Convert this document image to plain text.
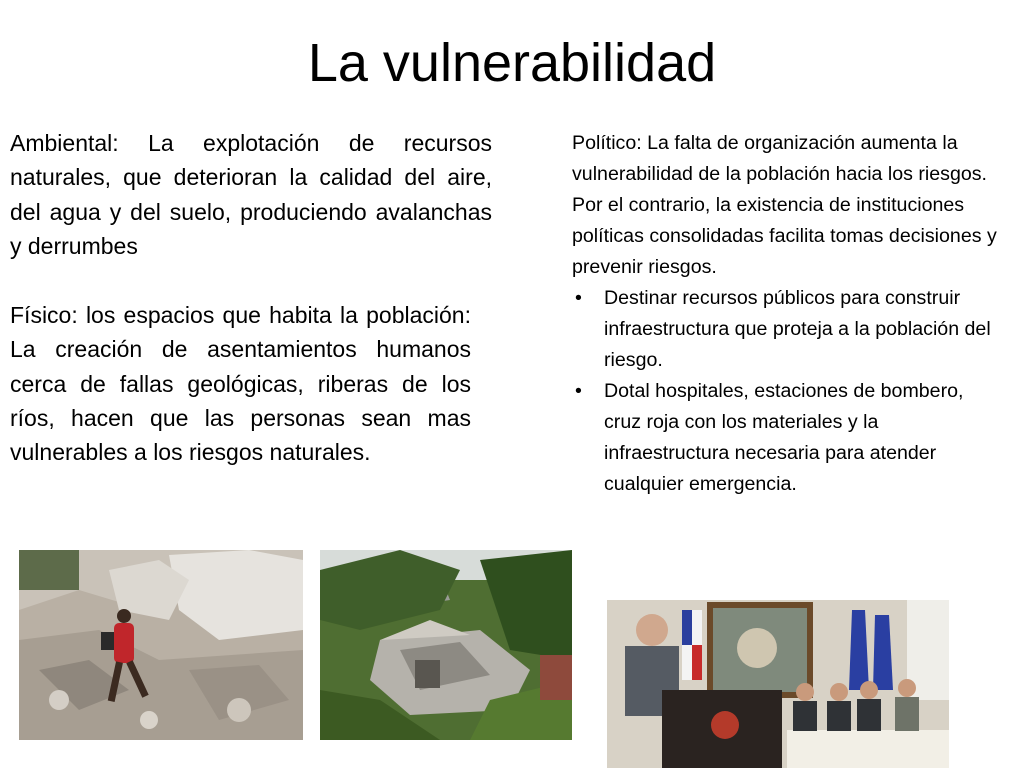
La vulnerabilidad
Ambiental: La explotación de recursos naturales, que deterioran la calidad del aire, del agua y del suelo, produciendo avalanchas y derrumbes
Físico: los espacios que habita la población: La creación de asentamientos humanos cerca de fallas geológicas, riberas de los ríos, hacen que las personas sean mas vulnerables a los riesgos naturales.
Político: La falta de organización aumenta la vulnerabilidad de la población hacia los riesgos. Por el contrario, la existencia de instituciones políticas consolidadas facilita tomas decisiones y prevenir riesgos.
• Destinar recursos públicos para construir infraestructura que proteja a la población del riesgo.
• Dotal hospitales, estaciones de bombero, cruz roja con los materiales y la infraestructura necesaria para atender cualquier emergencia.
